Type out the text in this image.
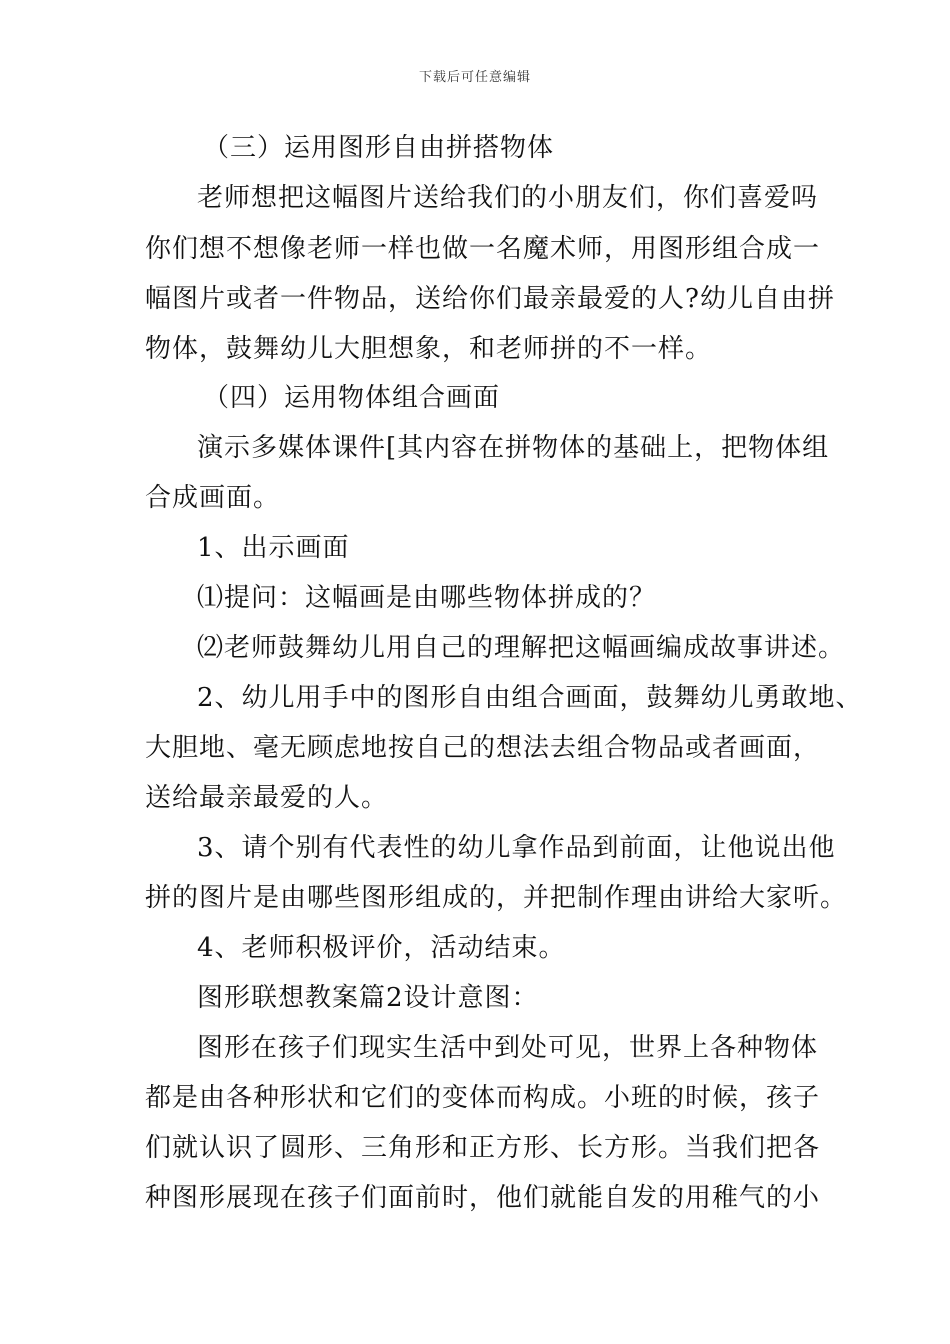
下载后可任意编辑
（三）运用图形自由拼搭物体
老师想把这幅图片送给我们的小朋友们，你们喜爱吗
你们想不想像老师一样也做一名魔术师，用图形组合成一
幅图片或者一件物品，送给你们最亲最爱的人?幼儿自由拼
物体，鼓舞幼儿大胆想象，和老师拼的不一样。
（四）运用物体组合画面
演示多媒体课件[其内容在拼物体的基础上，把物体组
合成画面。
1、出示画面
⑴提问：这幅画是由哪些物体拼成的？
⑵老师鼓舞幼儿用自己的理解把这幅画编成故事讲述。
2、幼儿用手中的图形自由组合画面，鼓舞幼儿勇敢地、
大胆地、毫无顾虑地按自己的想法去组合物品或者画面，
送给最亲最爱的人。
3、请个别有代表性的幼儿拿作品到前面，让他说出他
拼的图片是由哪些图形组成的，并把制作理由讲给大家听。
4、老师积极评价，活动结束。
图形联想教案篇2设计意图：
图形在孩子们现实生活中到处可见，世界上各种物体
都是由各种形状和它们的变体而构成。小班的时候，孩子
们就认识了圆形、三角形和正方形、长方形。当我们把各
种图形展现在孩子们面前时，他们就能自发的用稚气的小
